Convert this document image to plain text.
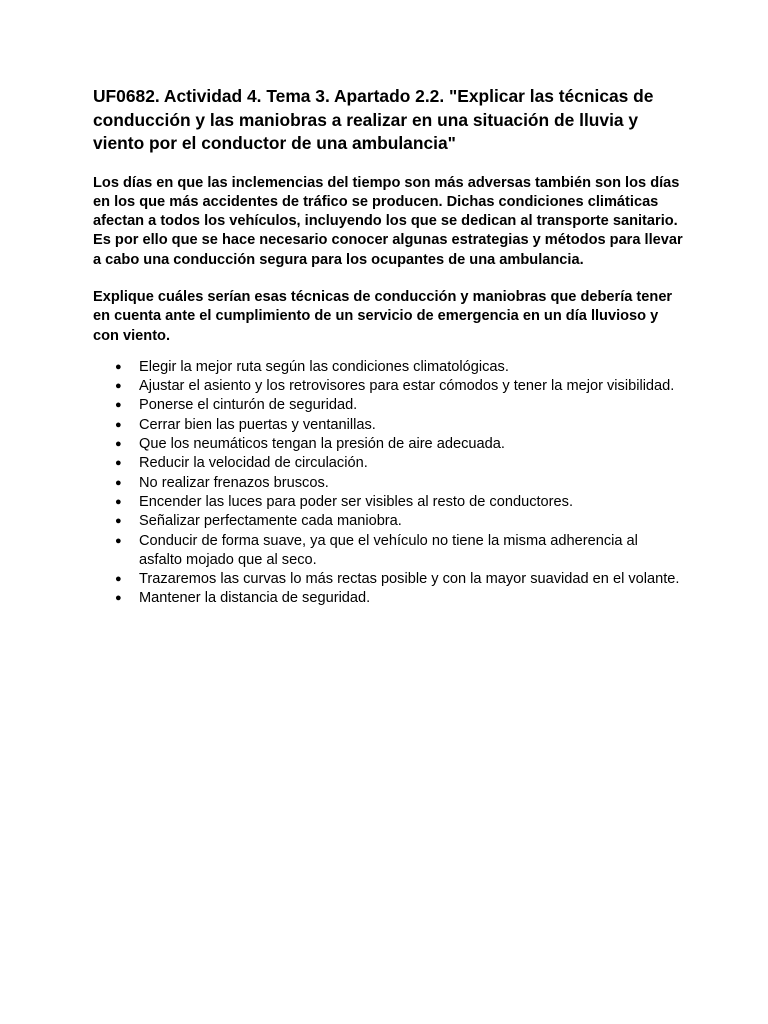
UF0682. Actividad 4. Tema 3. Apartado 2.2. "Explicar las técnicas de conducción y las maniobras a realizar en una situación de lluvia y viento por el conductor de una ambulancia"

Los días en que las inclemencias del tiempo son más adversas también son los días en los que más accidentes de tráfico se producen. Dichas condiciones climáticas afectan a todos los vehículos, incluyendo los que se dedican al transporte sanitario. Es por ello que se hace necesario conocer algunas estrategias y métodos para llevar a cabo una conducción segura para los ocupantes de una ambulancia.

Explique cuáles serían esas técnicas de conducción y maniobras que debería tener en cuenta ante el cumplimiento de un servicio de emergencia en un día lluvioso y con viento.

● Elegir la mejor ruta según las condiciones climatológicas.
● Ajustar el asiento y los retrovisores para estar cómodos y tener la mejor visibilidad.
● Ponerse el cinturón de seguridad.
● Cerrar bien las puertas y ventanillas.
● Que los neumáticos tengan la presión de aire adecuada.
● Reducir la velocidad de circulación.
● No realizar frenazos bruscos.
● Encender las luces para poder ser visibles al resto de conductores.
● Señalizar perfectamente cada maniobra.
● Conducir de forma suave, ya que el vehículo no tiene la misma adherencia al asfalto mojado que al seco.
● Trazaremos las curvas lo más rectas posible y con la mayor suavidad en el volante.
● Mantener la distancia de seguridad.
